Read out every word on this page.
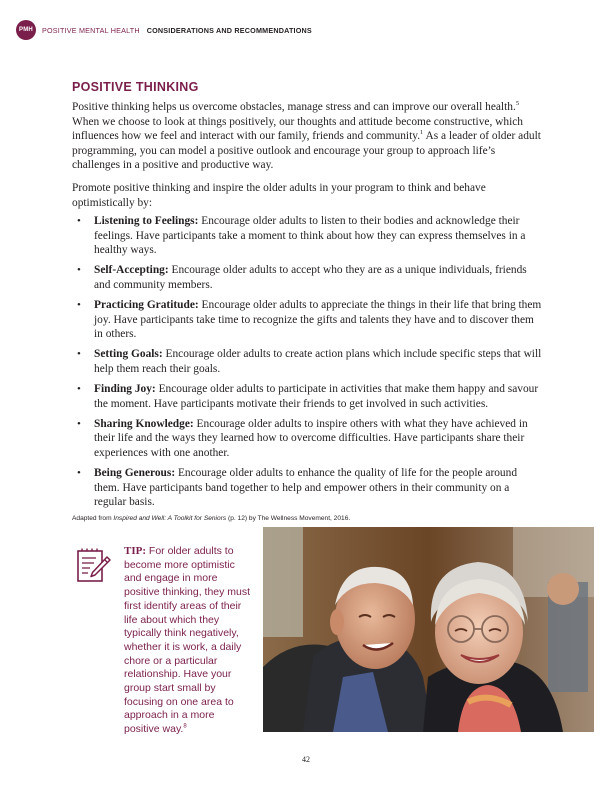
PMH	POSITIVE MENTAL HEALTH CONSIDERATIONS AND RECOMMENDATIONS
POSITIVE THINKING

Positive thinking helps us overcome obstacles, manage stress and can improve our overall health.$^5$ When we choose to look at things positively, our thoughts and attitude become constructive, which influences how we feel and interact with our family, friends and community.$^1$ As a leader of older adult programming, you can model a positive outlook and encourage your group to approach life’s challenges in a positive and productive way.

Promote positive thinking and inspire the older adults in your program to think and behave optimistically by:

• Listening to Feelings: Encourage older adults to listen to their bodies and acknowledge their feelings. Have participants take a moment to think about how they can express themselves in a healthy ways.
• Self-Accepting: Encourage older adults to accept who they are as a unique individuals, friends and community members.
• Practicing Gratitude: Encourage older adults to appreciate the things in their life that bring them joy. Have participants take time to recognize the gifts and talents they have and to discover them in others.
• Setting Goals: Encourage older adults to create action plans which include specific steps that will help them reach their goals.
• Finding Joy: Encourage older adults to participate in activities that make them happy and savour the moment. Have participants motivate their friends to get involved in such activities.
• Sharing Knowledge: Encourage older adults to inspire others with what they have achieved in their life and the ways they learned how to overcome difficulties. Have participants share their experiences with one another.
• Being Generous: Encourage older adults to enhance the quality of life for the people around them. Have participants band together to help and empower others in their community on a regular basis.
Adapted from Inspired and Well: A Toolkit for Seniors (p. 12) by The Wellness Movement, 2016.
TIP: For older adults to become more optimistic and engage in more positive thinking, they must first identify areas of their life about which they typically think negatively, whether it is work, a daily chore or a particular relationship. Have your group start small by focusing on one area to approach in a more positive way.$^8$
42
